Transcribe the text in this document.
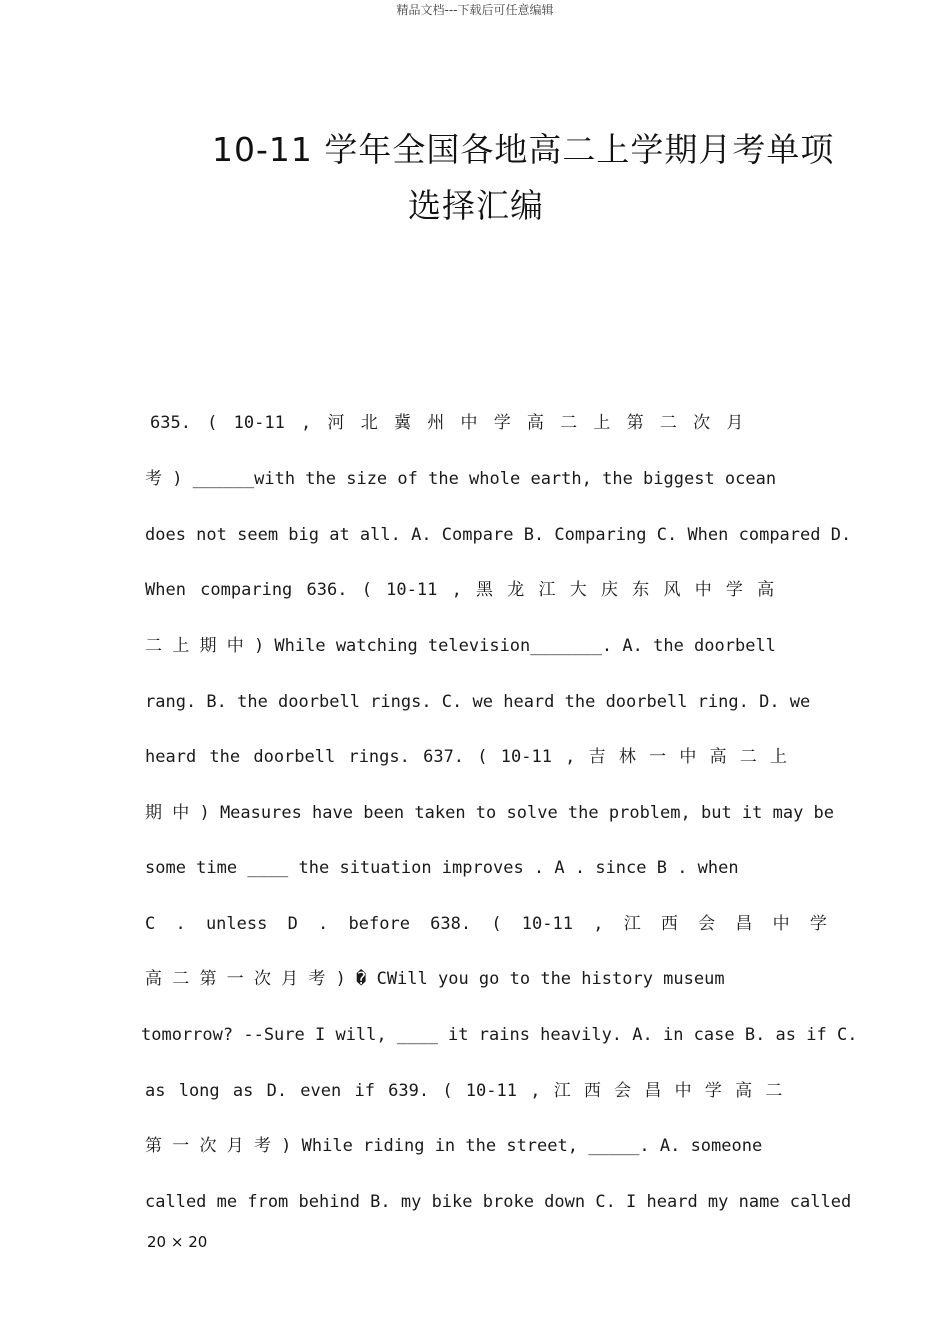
精品文档---下载后可任意编辑
10-11 学年全国各地高二上学期月考单项
选择汇编
635. ( 10-11 , 河 北 冀 州 中 学 高 二 上 第 二 次 月
考 ) ______with the size of the whole earth, the biggest ocean
does not seem big at all. A. Compare B. Comparing C. When compared D.
When comparing 636. ( 10-11 , 黑 龙 江 大 庆 东 风 中 学 高
二 上 期 中 ) While watching television_______. A. the doorbell
rang. B. the doorbell rings. C. we heard the doorbell ring. D. we
heard the doorbell rings. 637. ( 10-11 , 吉 林 一 中 高 二 上
期 中 ) Measures have been taken to solve the problem, but it may be
some time ____ the situation improves . A . since B . when
C . unless D . before 638. ( 10-11 , 江 西 会 昌 中 学
高 二 第 一 次 月 考 ) � CWill you go to the history museum
tomorrow? --Sure I will, ____ it rains heavily. A. in case B. as if C.
as long as D. even if 639. ( 10-11 , 江 西 会 昌 中 学 高 二
第 一 次 月 考 ) While riding in the street, _____. A. someone
called me from behind B. my bike broke down C. I heard my name called
20 × 20
